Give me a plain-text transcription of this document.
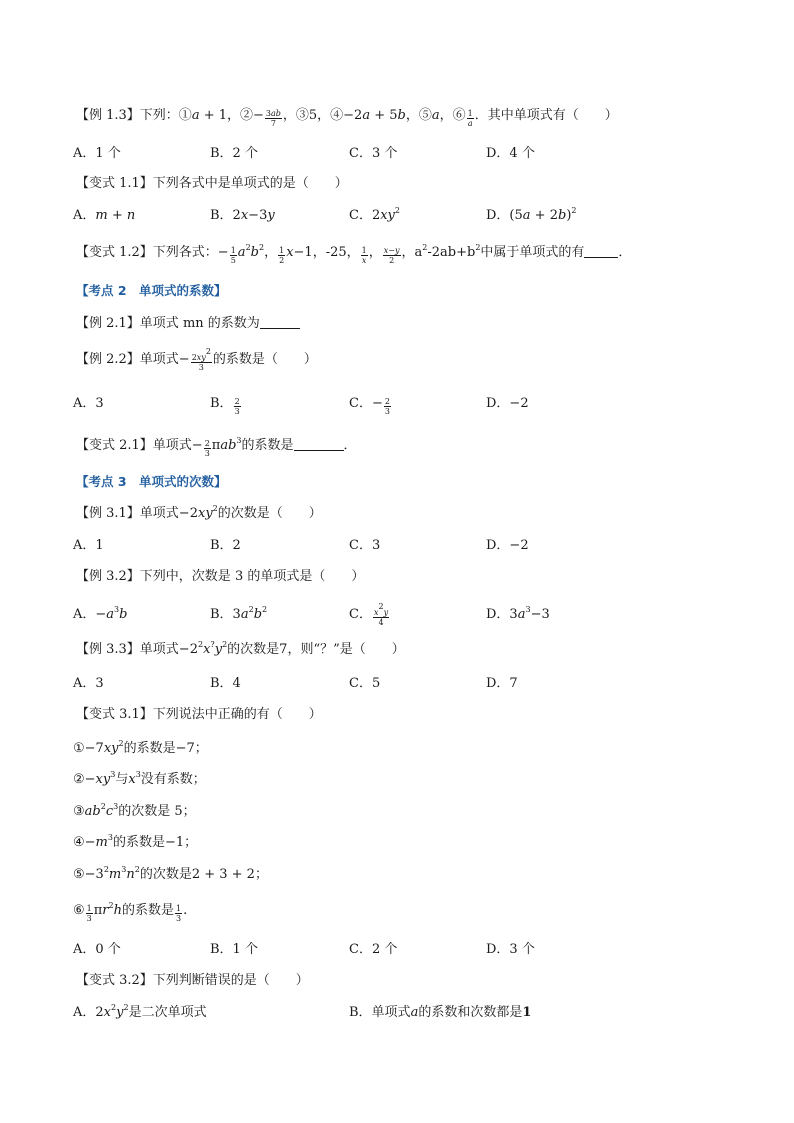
【例 1.3】下列：①a + 1，②− $\frac{3ab}{7}$ ，③5，④−2a + 5b，⑤a，⑥ $\frac{1}{a}$ ．其中单项式有（　　）
A．1 个	B．2 个	C．3 个	D．4 个
【变式 1.1】下列各式中是单项式的是（　　）
A．m + n	B．2x−3y	C．$2xy^2$	D．$(5a + 2b)^2$
【变式 1.2】下列各式：− $\frac{1}{5} a^2b^2$， $\frac{1}{2} x-1$，-25， $\frac{1}{x}$ ， $\frac{x-y}{2}$ ，$a^2-2ab+b^2$中属于单项式的有	．
【考点 2　单项式的系数】
【例 2.1】单项式 mn 的系数为
【例 2.2】单项式− $\frac{2xy^2}{3}$ 的系数是（　　）
A．3	B． $\frac{2}{3}$	C．− $\frac{2}{3}$	D．−2
【变式 2.1】单项式− $\frac{2}{3} \pi ab^3$的系数是	．
【考点 3　单项式的次数】
【例 3.1】单项式$-2xy^2$的次数是（　　）
A．1	B．2	C．3	D．−2
【例 3.2】下列中，次数是 3 的单项式是（　　）
A．$-a^3b$	B．$3a^2b^2$	C． $\frac{x^2y}{4}$	D．$3a^3-3$
【例 3.3】单项式$-2^2x^?y^2$的次数是7，则“？”是（　　）
A．3	B．4	C．5	D．7
【变式 3.1】下列说法中正确的有（　　）
$①-7xy^2$的系数是−7；
$②-xy^3$与$x^3$没有系数；
$③ab^2c^3$的次数是 5；
$④-m^3$的系数是−1；
$⑤-3^2m^3n^2$的次数是2 + 3 + 2；
⑥ $\frac{1}{3} \pi r^2h$的系数是 $\frac{1}{3}$ .
A．0 个	B．1 个	C．2 个	D．3 个
【变式 3.2】下列判断错误的是（　　）
A．$2x^2y^2$是二次单项式	B．单项式a的系数和次数都是1
